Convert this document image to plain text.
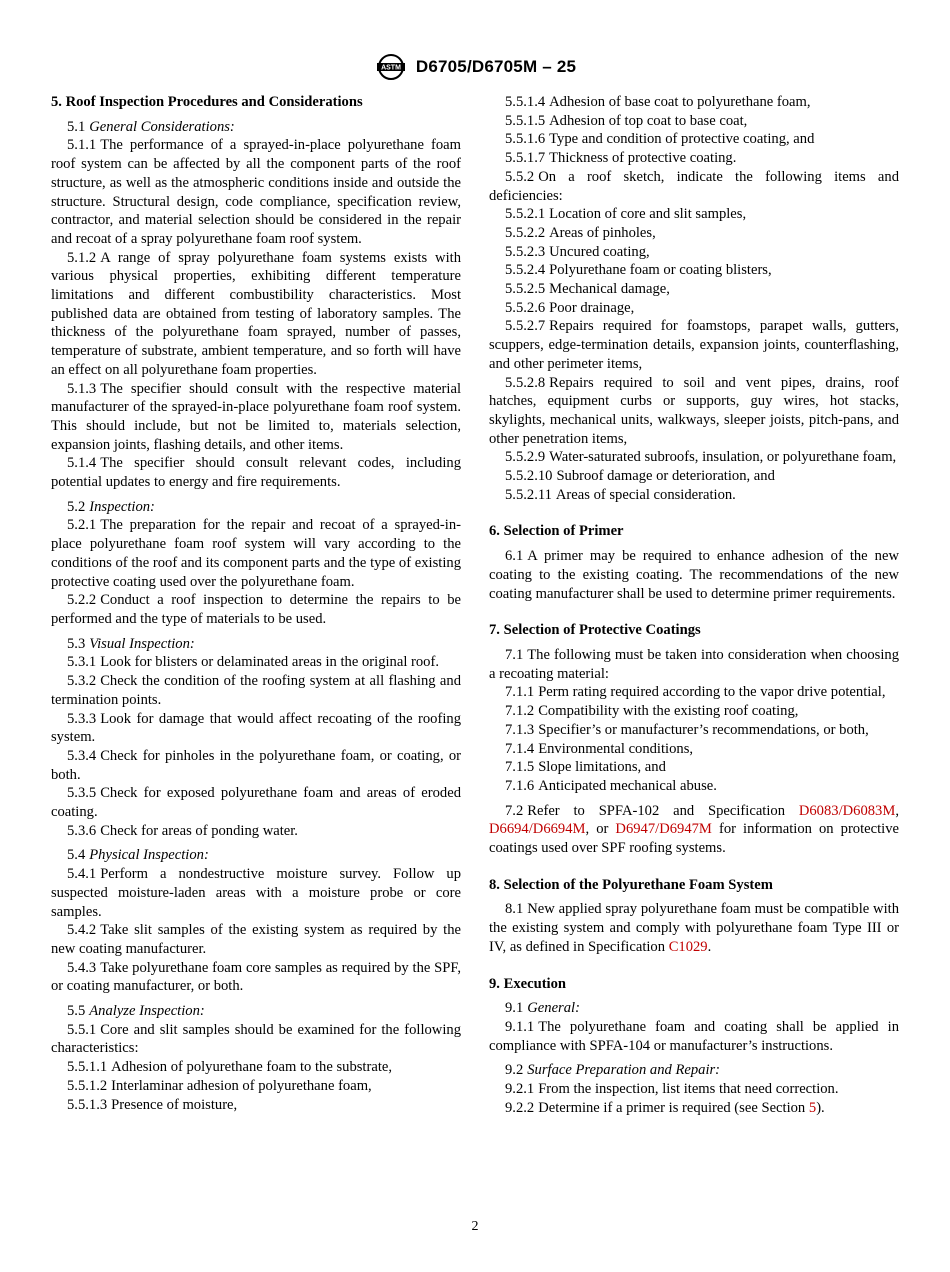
ASTM D6705/D6705M – 25
5. Roof Inspection Procedures and Considerations

5.1 General Considerations:

5.1.1 The performance of a sprayed-in-place polyurethane foam roof system can be affected by all the component parts of the roof structure, as well as the atmospheric conditions inside and outside the structure. Structural design, code compliance, specification review, contractor, and material selection should be considered in the repair and recoat of a spray polyurethane foam roof system.

5.1.2 A range of spray polyurethane foam systems exists with various physical properties, exhibiting different temperature limitations and different combustibility characteristics. Most published data are obtained from testing of laboratory samples. The thickness of the polyurethane foam sprayed, number of passes, temperature of substrate, ambient temperature, and so forth will have an effect on all polyurethane foam properties.

5.1.3 The specifier should consult with the respective material manufacturer of the sprayed-in-place polyurethane foam roof system. This should include, but not be limited to, materials selection, expansion joints, flashing details, and other items.

5.1.4 The specifier should consult relevant codes, including potential updates to energy and fire requirements.

5.2 Inspection:

5.2.1 The preparation for the repair and recoat of a sprayed-in-place polyurethane foam roof system will vary according to the conditions of the roof and its component parts and the type of existing protective coating used over the polyurethane foam.

5.2.2 Conduct a roof inspection to determine the repairs to be performed and the type of materials to be used.

5.3 Visual Inspection:

5.3.1 Look for blisters or delaminated areas in the original roof.

5.3.2 Check the condition of the roofing system at all flashing and termination points.

5.3.3 Look for damage that would affect recoating of the roofing system.

5.3.4 Check for pinholes in the polyurethane foam, or coating, or both.

5.3.5 Check for exposed polyurethane foam and areas of eroded coating.

5.3.6 Check for areas of ponding water.

5.4 Physical Inspection:

5.4.1 Perform a nondestructive moisture survey. Follow up suspected moisture-laden areas with a moisture probe or core samples.

5.4.2 Take slit samples of the existing system as required by the new coating manufacturer.

5.4.3 Take polyurethane foam core samples as required by the SPF, or coating manufacturer, or both.

5.5 Analyze Inspection:

5.5.1 Core and slit samples should be examined for the following characteristics:

5.5.1.1 Adhesion of polyurethane foam to the substrate,

5.5.1.2 Interlaminar adhesion of polyurethane foam,

5.5.1.3 Presence of moisture,

5.5.1.4 Adhesion of base coat to polyurethane foam,

5.5.1.5 Adhesion of top coat to base coat,

5.5.1.6 Type and condition of protective coating, and

5.5.1.7 Thickness of protective coating.

5.5.2 On a roof sketch, indicate the following items and deficiencies:

5.5.2.1 Location of core and slit samples,

5.5.2.2 Areas of pinholes,

5.5.2.3 Uncured coating,

5.5.2.4 Polyurethane foam or coating blisters,

5.5.2.5 Mechanical damage,

5.5.2.6 Poor drainage,

5.5.2.7 Repairs required for foamstops, parapet walls, gutters, scuppers, edge-termination details, expansion joints, counterflashing, and other perimeter items,

5.5.2.8 Repairs required to soil and vent pipes, drains, roof hatches, equipment curbs or supports, guy wires, hot stacks, skylights, mechanical units, walkways, sleeper joists, pitch-pans, and other penetration items,

5.5.2.9 Water-saturated subroofs, insulation, or polyurethane foam,

5.5.2.10 Subroof damage or deterioration, and

5.5.2.11 Areas of special consideration.

6. Selection of Primer

6.1 A primer may be required to enhance adhesion of the new coating to the existing coating. The recommendations of the new coating manufacturer shall be used to determine primer requirements.

7. Selection of Protective Coatings

7.1 The following must be taken into consideration when choosing a recoating material:

7.1.1 Perm rating required according to the vapor drive potential,

7.1.2 Compatibility with the existing roof coating,

7.1.3 Specifier’s or manufacturer’s recommendations, or both,

7.1.4 Environmental conditions,

7.1.5 Slope limitations, and

7.1.6 Anticipated mechanical abuse.

7.2 Refer to SPFA-102 and Specification D6083/D6083M, D6694/D6694M, or D6947/D6947M for information on protective coatings used over SPF roofing systems.

8. Selection of the Polyurethane Foam System

8.1 New applied spray polyurethane foam must be compatible with the existing system and comply with polyurethane foam Type III or IV, as defined in Specification C1029.

9. Execution

9.1 General:

9.1.1 The polyurethane foam and coating shall be applied in compliance with SPFA-104 or manufacturer’s instructions.

9.2 Surface Preparation and Repair:

9.2.1 From the inspection, list items that need correction.

9.2.2 Determine if a primer is required (see Section 5).

2
